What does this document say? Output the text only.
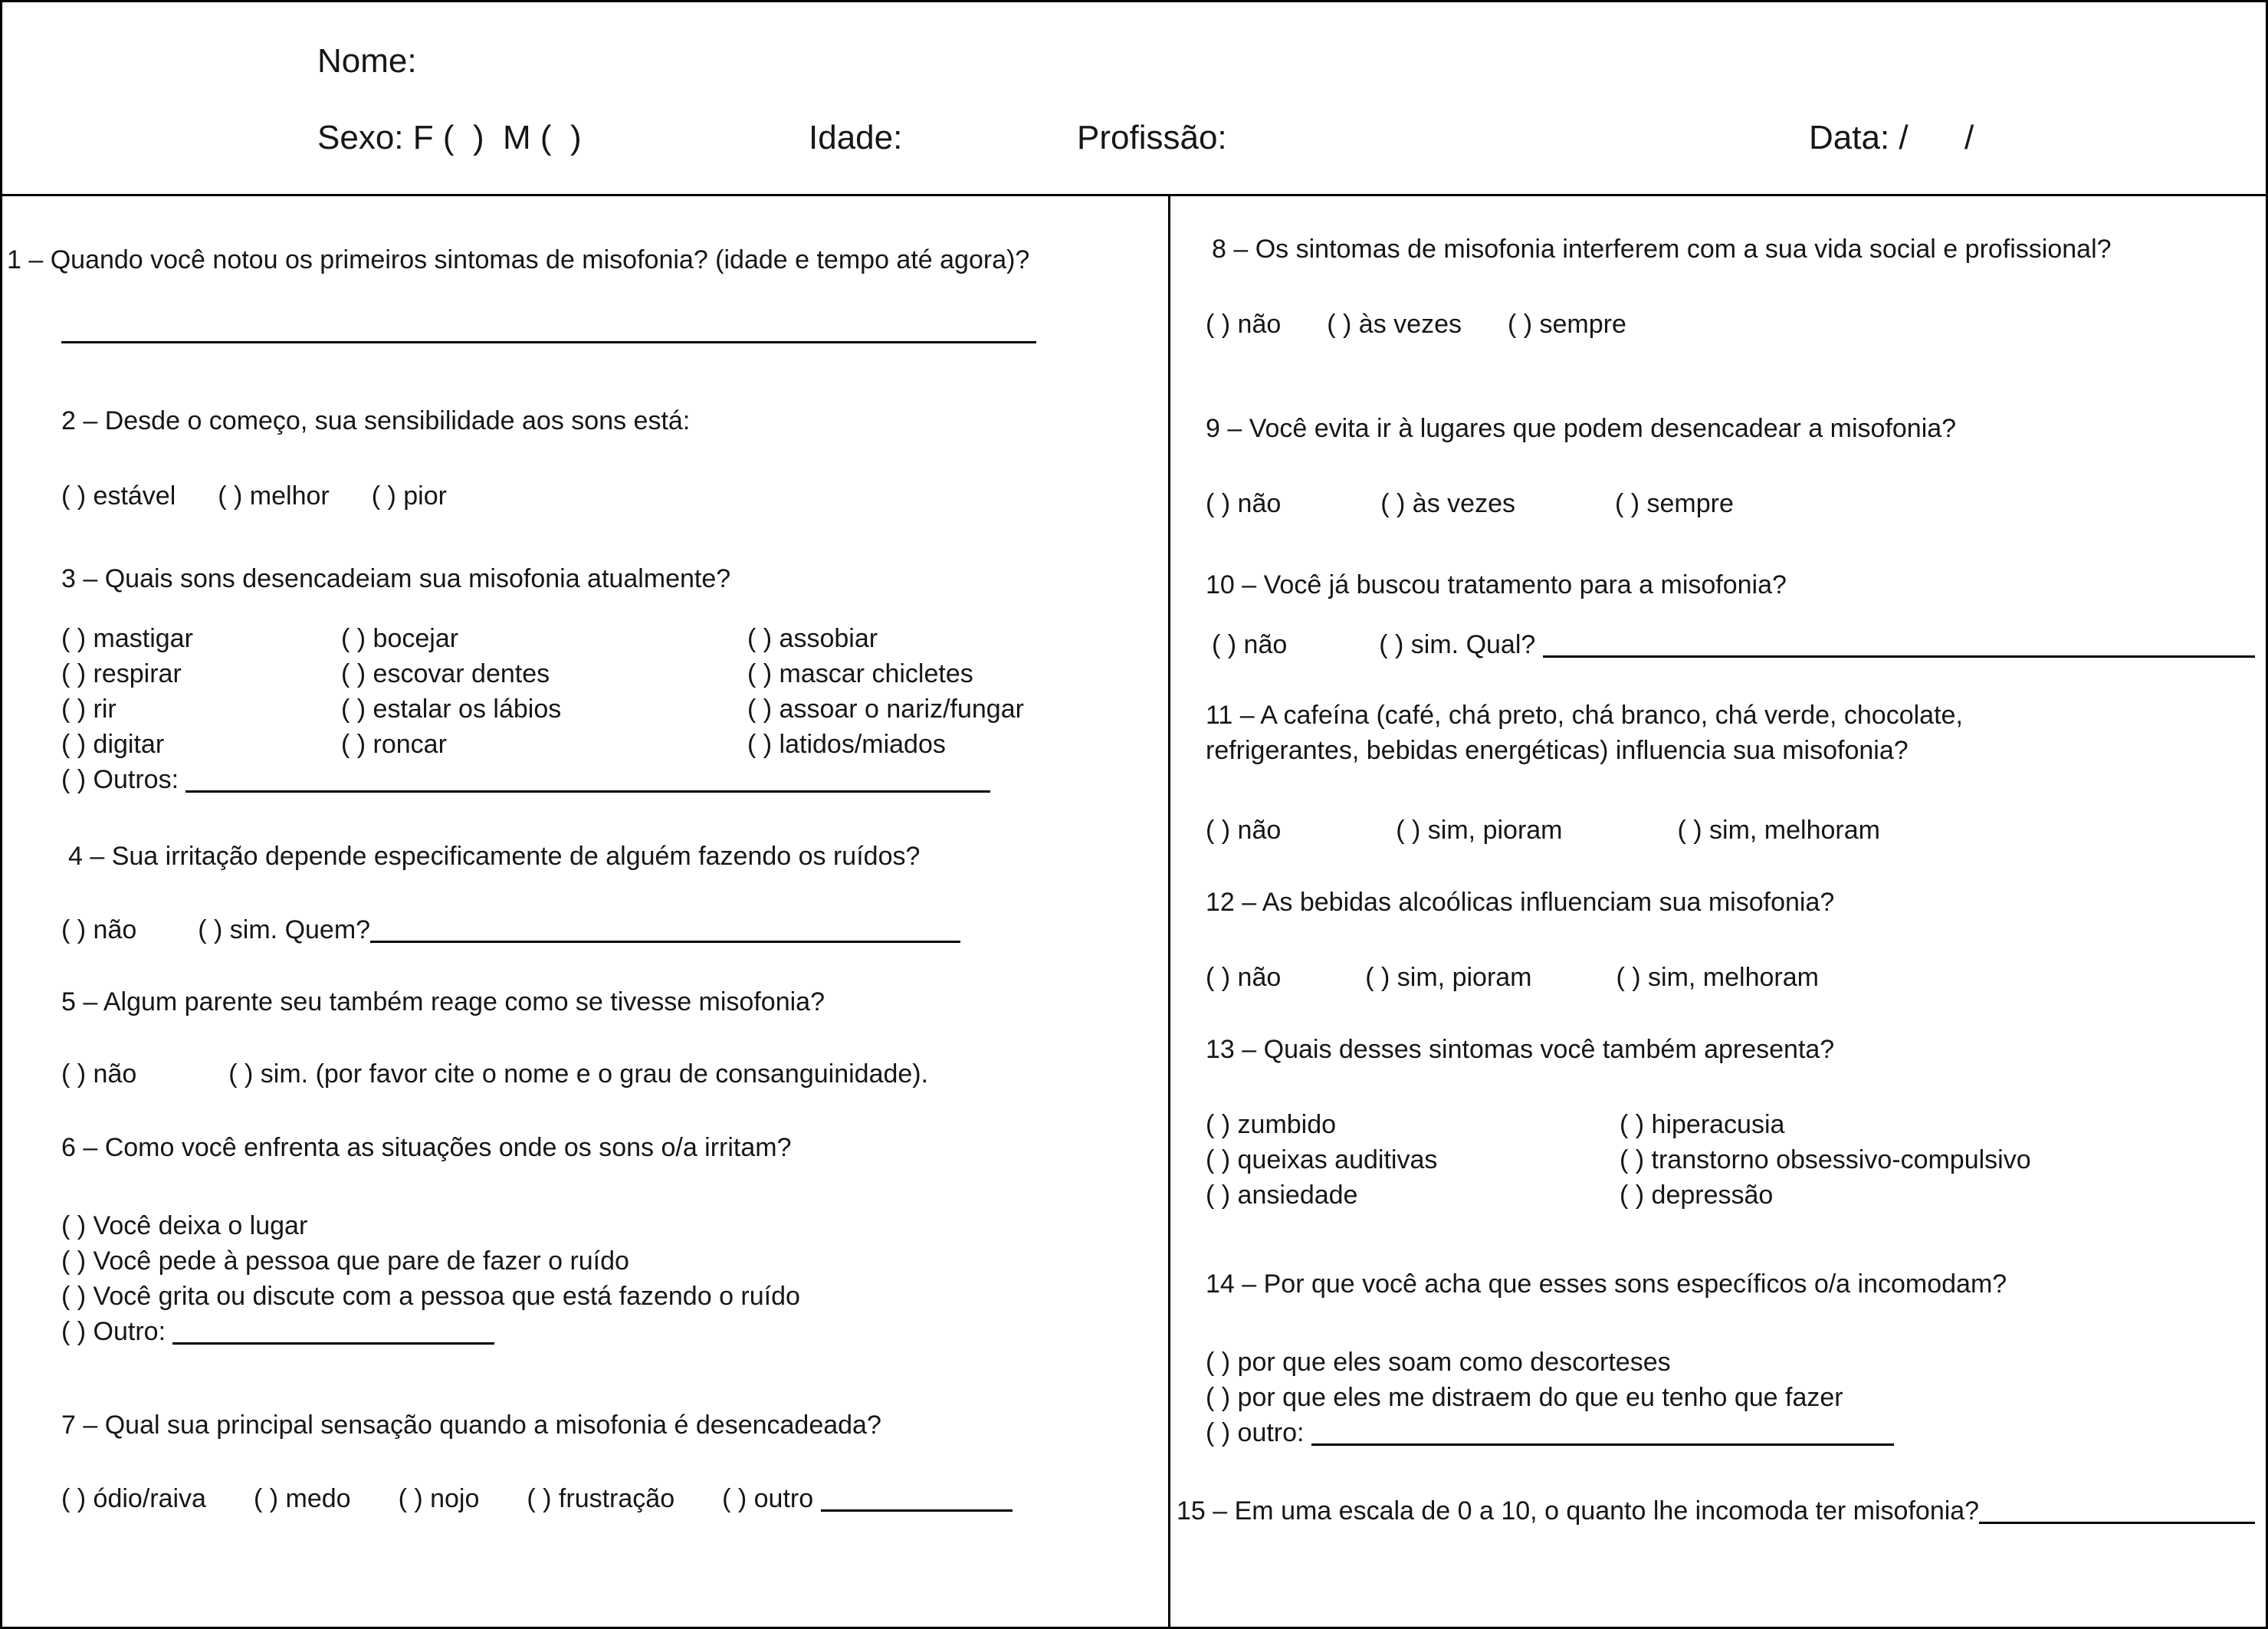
Nome:
Sexo: F (  )  M (  )	Idade:	Profissão:	Data: /      /
1 – Quando você notou os primeiros sintomas de misofonia? (idade e tempo até agora)?
2 – Desde o começo, sua sensibilidade aos sons está:
( ) estável ( ) melhor ( ) pior
3 – Quais sons desencadeiam sua misofonia atualmente?
( ) mastigar	( ) bocejar	( ) assobiar
( ) respirar	( ) escovar dentes	( ) mascar chicletes
( ) rir	( ) estalar os lábios	( ) assoar o nariz/fungar
( ) digitar	( ) roncar	( ) latidos/miados
( ) Outros:
4 – Sua irritação depende especificamente de alguém fazendo os ruídos?
( ) não ( ) sim. Quem?
5 – Algum parente seu também reage como se tivesse misofonia?
( ) não	( ) sim. (por favor cite o nome e o grau de consanguinidade).
6 – Como você enfrenta as situações onde os sons o/a irritam?
( ) Você deixa o lugar
( ) Você pede à pessoa que pare de fazer o ruído
( ) Você grita ou discute com a pessoa que está fazendo o ruído
( ) Outro:
7 – Qual sua principal sensação quando a misofonia é desencadeada?
( ) ódio/raiva ( ) medo ( ) nojo ( ) frustração ( ) outro
8 – Os sintomas de misofonia interferem com a sua vida social e profissional?
( ) não ( ) às vezes ( ) sempre
9 – Você evita ir à lugares que podem desencadear a misofonia?
( ) não	( ) às vezes	( ) sempre
10 – Você já buscou tratamento para a misofonia?
( ) não	( ) sim. Qual?
11 – A cafeína (café, chá preto, chá branco, chá verde, chocolate, refrigerantes, bebidas energéticas) influencia sua misofonia?
( ) não	( ) sim, pioram	( ) sim, melhoram
12 – As bebidas alcoólicas influenciam sua misofonia?
( ) não	( ) sim, pioram	( ) sim, melhoram
13 – Quais desses sintomas você também apresenta?
( ) zumbido	( ) hiperacusia
( ) queixas auditivas	( ) transtorno obsessivo-compulsivo
( ) ansiedade	( ) depressão
14 – Por que você acha que esses sons específicos o/a incomodam?
( ) por que eles soam como descorteses
( ) por que eles me distraem do que eu tenho que fazer
( ) outro:
15 – Em uma escala de 0 a 10, o quanto lhe incomoda ter misofonia?
